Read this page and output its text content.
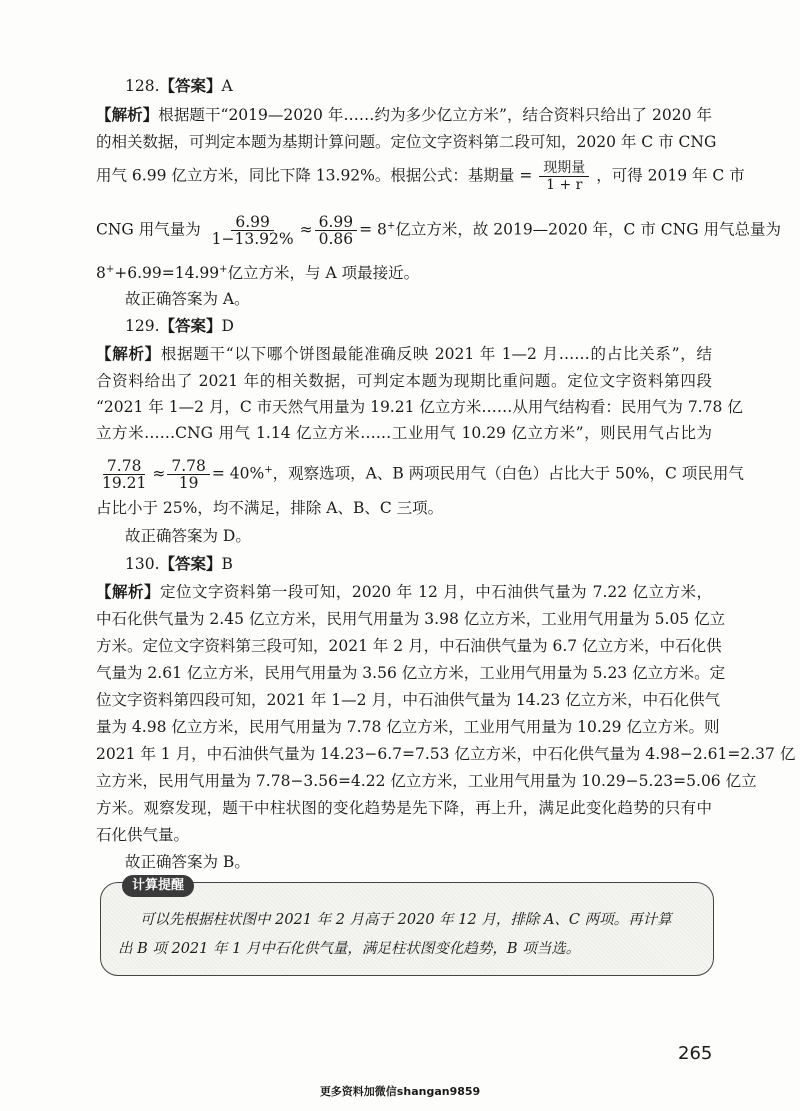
128.【答案】A
【解析】根据题干“2019—2020 年……约为多少亿立方米”，结合资料只给出了 2020 年
的相关数据，可判定本题为基期计算问题。定位文字资料第二段可知，2020 年 C 市 CNG
用气 6.99 亿立方米，同比下降 13.92%。根据公式：基期量 = $\frac{\text{现期量}}{1 + r}$ ，可得 2019 年 C 市
CNG 用气量为 $\frac{6.99}{1-13.92\%} \approx \frac{6.99}{0.86} = 8^+$亿立方米，故 2019—2020 年，C 市 CNG 用气总量为
8++6.99=14.99+亿立方米，与 A 项最接近。
故正确答案为 A。
129.【答案】D
【解析】根据题干“以下哪个饼图最能准确反映 2021 年 1—2 月……的占比关系”，结
合资料给出了 2021 年的相关数据，可判定本题为现期比重问题。定位文字资料第四段
“2021 年 1—2 月，C 市天然气用量为 19.21 亿立方米……从用气结构看：民用气为 7.78 亿
立方米……CNG 用气 1.14 亿立方米……工业用气 10.29 亿立方米”，则民用气占比为
$\frac{7.78}{19.21} \approx \frac{7.78}{19} = 40\%^+$，观察选项，A、B 两项民用气（白色）占比大于 50%，C 项民用气
占比小于 25%，均不满足，排除 A、B、C 三项。
故正确答案为 D。
130.【答案】B
【解析】定位文字资料第一段可知，2020 年 12 月，中石油供气量为 7.22 亿立方米，
中石化供气量为 2.45 亿立方米，民用气用量为 3.98 亿立方米，工业用气用量为 5.05 亿立
方米。定位文字资料第三段可知，2021 年 2 月，中石油供气量为 6.7 亿立方米，中石化供
气量为 2.61 亿立方米，民用气用量为 3.56 亿立方米，工业用气用量为 5.23 亿立方米。定
位文字资料第四段可知，2021 年 1—2 月，中石油供气量为 14.23 亿立方米，中石化供气
量为 4.98 亿立方米，民用气用量为 7.78 亿立方米，工业用气用量为 10.29 亿立方米。则
2021 年 1 月，中石油供气量为 14.23−6.7=7.53 亿立方米，中石化供气量为 4.98−2.61=2.37 亿
立方米，民用气用量为 7.78−3.56=4.22 亿立方米，工业用气用量为 10.29−5.23=5.06 亿立
方米。观察发现，题干中柱状图的变化趋势是先下降，再上升，满足此变化趋势的只有中
石化供气量。
故正确答案为 B。
计算提醒
可以先根据柱状图中 2021 年 2 月高于 2020 年 12 月，排除 A、C 两项。再计算
出 B 项 2021 年 1 月中石化供气量，满足柱状图变化趋势，B 项当选。
265
更多资料加微信shangan9859
